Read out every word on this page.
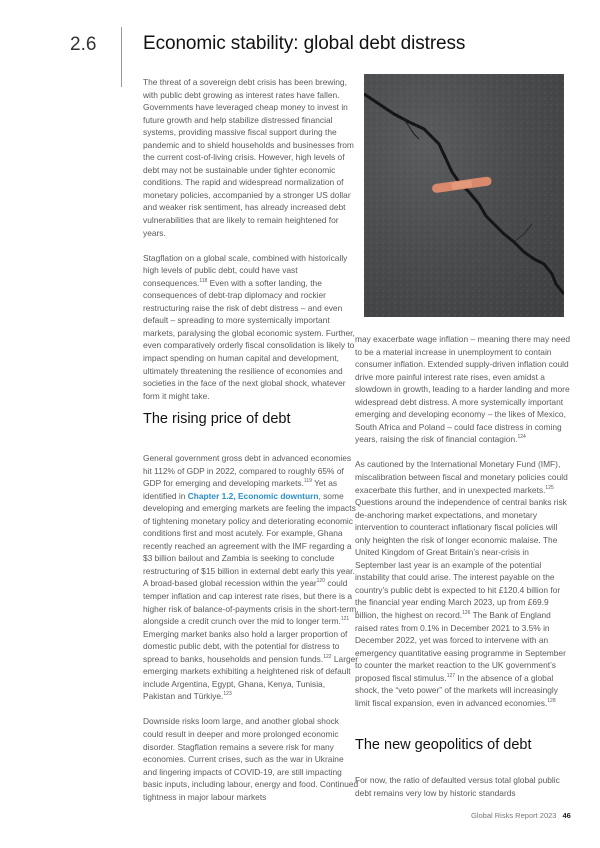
2.6 Economic stability: global debt distress

The threat of a sovereign debt crisis has been brewing, with public debt growing as interest rates have fallen. Governments have leveraged cheap money to invest in future growth and help stabilize distressed financial systems, providing massive fiscal support during the pandemic and to shield households and businesses from the current cost-of-living crisis. However, high levels of debt may not be sustainable under tighter economic conditions. The rapid and widespread normalization of monetary policies, accompanied by a stronger US dollar and weaker risk sentiment, has already increased debt vulnerabilities that are likely to remain heightened for years.

Stagflation on a global scale, combined with historically high levels of public debt, could have vast consequences.$^{118}$ Even with a softer landing, the consequences of debt-trap diplomacy and rockier restructuring raise the risk of debt distress – and even default – spreading to more systemically important markets, paralysing the global economic system. Further, even comparatively orderly fiscal consolidation is likely to impact spending on human capital and development, ultimately threatening the resilience of economies and societies in the face of the next global shock, whatever form it might take.

The rising price of debt

General government gross debt in advanced economies hit 112% of GDP in 2022, compared to roughly 65% of GDP for emerging and developing markets.$^{119}$ Yet as identified in Chapter 1.2, Economic downturn, some developing and emerging markets are feeling the impacts of tightening monetary policy and deteriorating economic conditions first and most acutely. For example, Ghana recently reached an agreement with the IMF regarding a $3 billion bailout and Zambia is seeking to conclude restructuring of $15 billion in external debt early this year. A broad-based global recession within the year$^{120}$ could temper inflation and cap interest rate rises, but there is a higher risk of balance-of-payments crisis in the short-term, alongside a credit crunch over the mid to longer term.$^{121}$ Emerging market banks also hold a larger proportion of domestic public debt, with the potential for distress to spread to banks, households and pension funds.$^{122}$ Larger emerging markets exhibiting a heightened risk of default include Argentina, Egypt, Ghana, Kenya, Tunisia, Pakistan and Türkiye.$^{123}$

Downside risks loom large, and another global shock could result in deeper and more prolonged economic disorder. Stagflation remains a severe risk for many economies. Current crises, such as the war in Ukraine and lingering impacts of COVID-19, are still impacting basic inputs, including labour, energy and food. Continued tightness in major labour markets

may exacerbate wage inflation – meaning there may need to be a material increase in unemployment to contain consumer inflation. Extended supply-driven inflation could drive more painful interest rate rises, even amidst a slowdown in growth, leading to a harder landing and more widespread debt distress. A more systemically important emerging and developing economy – the likes of Mexico, South Africa and Poland – could face distress in coming years, raising the risk of financial contagion.$^{124}$

As cautioned by the International Monetary Fund (IMF), miscalibration between fiscal and monetary policies could exacerbate this further, and in unexpected markets.$^{125}$ Questions around the independence of central banks risk de-anchoring market expectations, and monetary intervention to counteract inflationary fiscal policies will only heighten the risk of longer economic malaise. The United Kingdom of Great Britain’s near-crisis in September last year is an example of the potential instability that could arise. The interest payable on the country’s public debt is expected to hit £120.4 billion for the financial year ending March 2023, up from £69.9 billion, the highest on record.$^{126}$ The Bank of England raised rates from 0.1% in December 2021 to 3.5% in December 2022, yet was forced to intervene with an emergency quantitative easing programme in September to counter the market reaction to the UK government’s proposed fiscal stimulus.$^{127}$ In the absence of a global shock, the “veto power” of the markets will increasingly limit fiscal expansion, even in advanced economies.$^{128}$

The new geopolitics of debt

For now, the ratio of defaulted versus total global public debt remains very low by historic standards

Global Risks Report 2023 46
